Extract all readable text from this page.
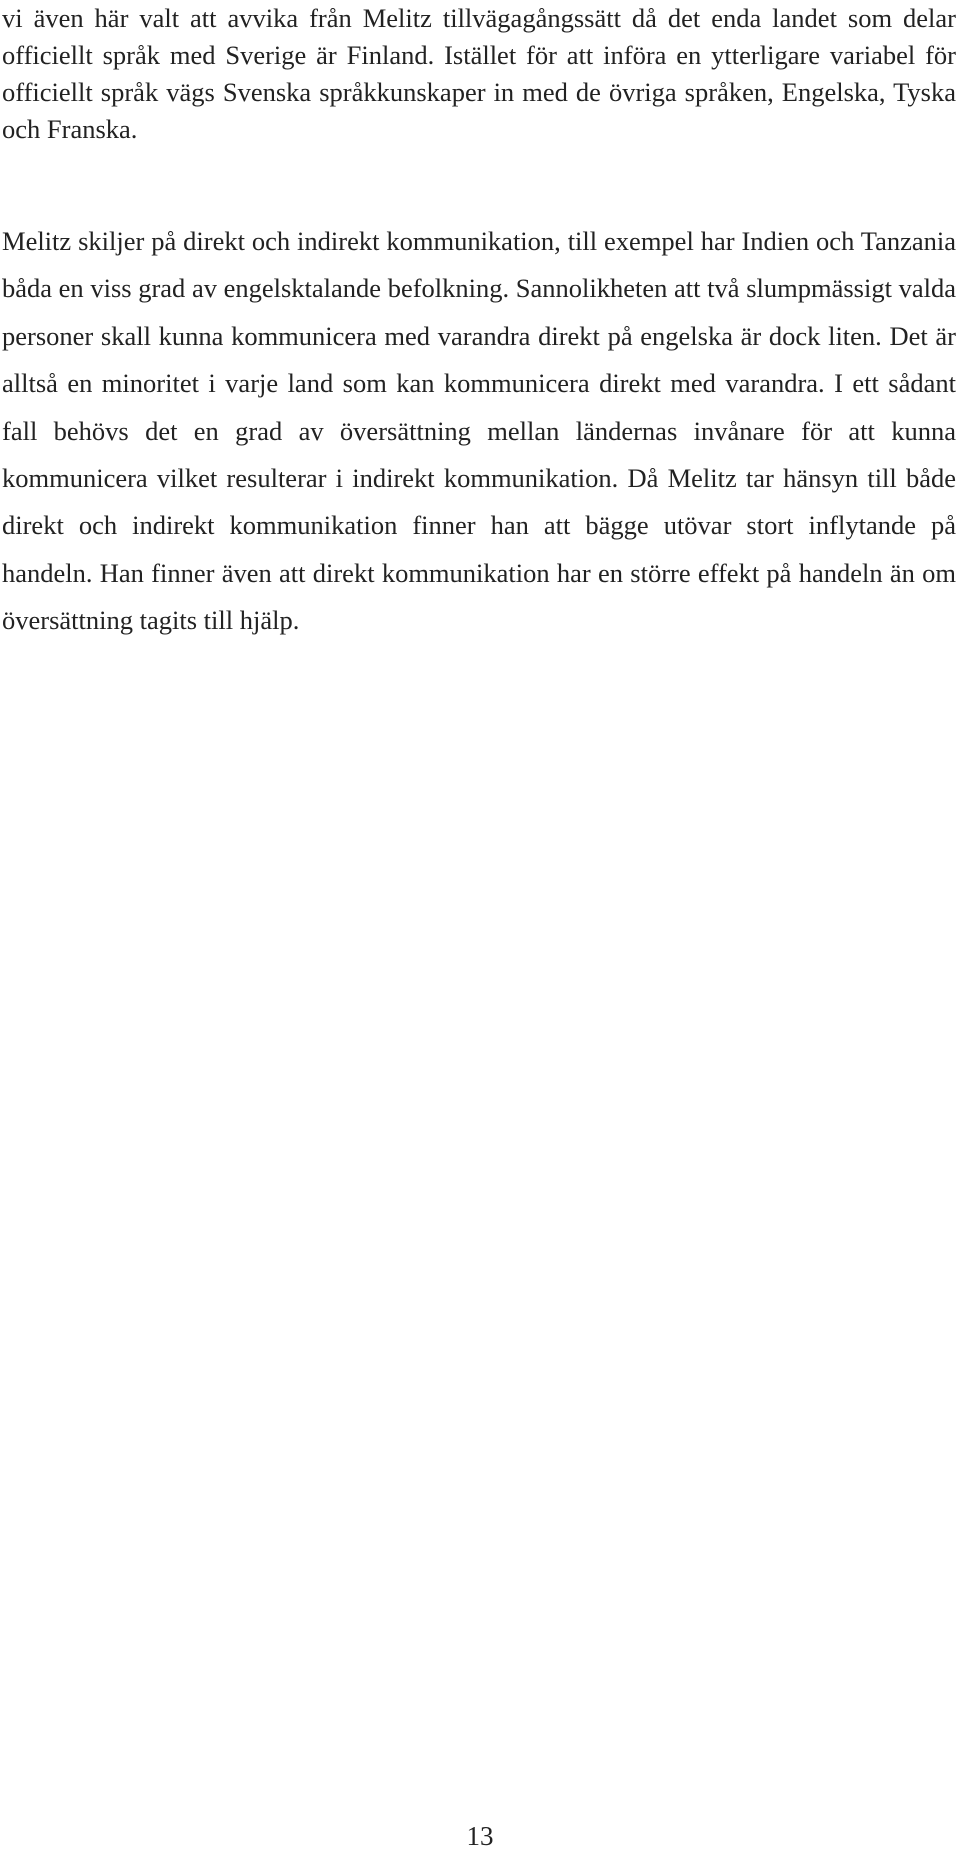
vi även här valt att avvika från Melitz tillvägagångssätt då det enda landet som delar officiellt språk med Sverige är Finland. Istället för att införa en ytterligare variabel för officiellt språk vägs Svenska språkkunskaper in med de övriga språken, Engelska, Tyska och Franska.

Melitz skiljer på direkt och indirekt kommunikation, till exempel har Indien och Tanzania båda en viss grad av engelsktalande befolkning. Sannolikheten att två slumpmässigt valda personer skall kunna kommunicera med varandra direkt på engelska är dock liten. Det är alltså en minoritet i varje land som kan kommunicera direkt med varandra. I ett sådant fall behövs det en grad av översättning mellan ländernas invånare för att kunna kommunicera vilket resulterar i indirekt kommunikation. Då Melitz tar hänsyn till både direkt och indirekt kommunikation finner han att bägge utövar stort inflytande på handeln. Han finner även att direkt kommunikation har en större effekt på handeln än om översättning tagits till hjälp.

13
